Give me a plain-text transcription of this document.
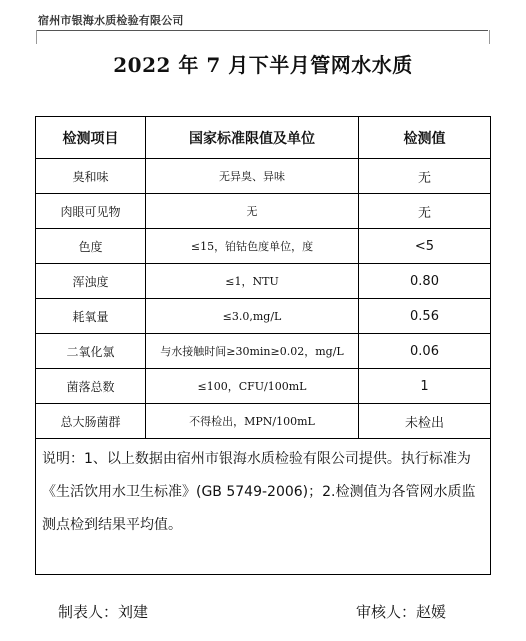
宿州市银海水质检验有限公司
2022 年 7 月下半月管网水水质
检测项目	国家标准限值及单位	检测值
臭和味	无异臭、异味	无
肉眼可见物	无	无
色度	≤15，铂钴色度单位，度	<5
浑浊度	≤1，NTU	0.80
耗氧量	≤3.0,mg/L	0.56
二氧化氯	与水接触时间≥30min≥0.02，mg/L	0.06
菌落总数	≤100，CFU/100mL	1
总大肠菌群	不得检出，MPN/100mL	未检出
说明：1、以上数据由宿州市银海水质检验有限公司提供。执行标准为《生活饮用水卫生标准》(GB 5749-2006)；2.检测值为各管网水质监测点检到结果平均值。		
制表人：刘建	审核人：赵媛
